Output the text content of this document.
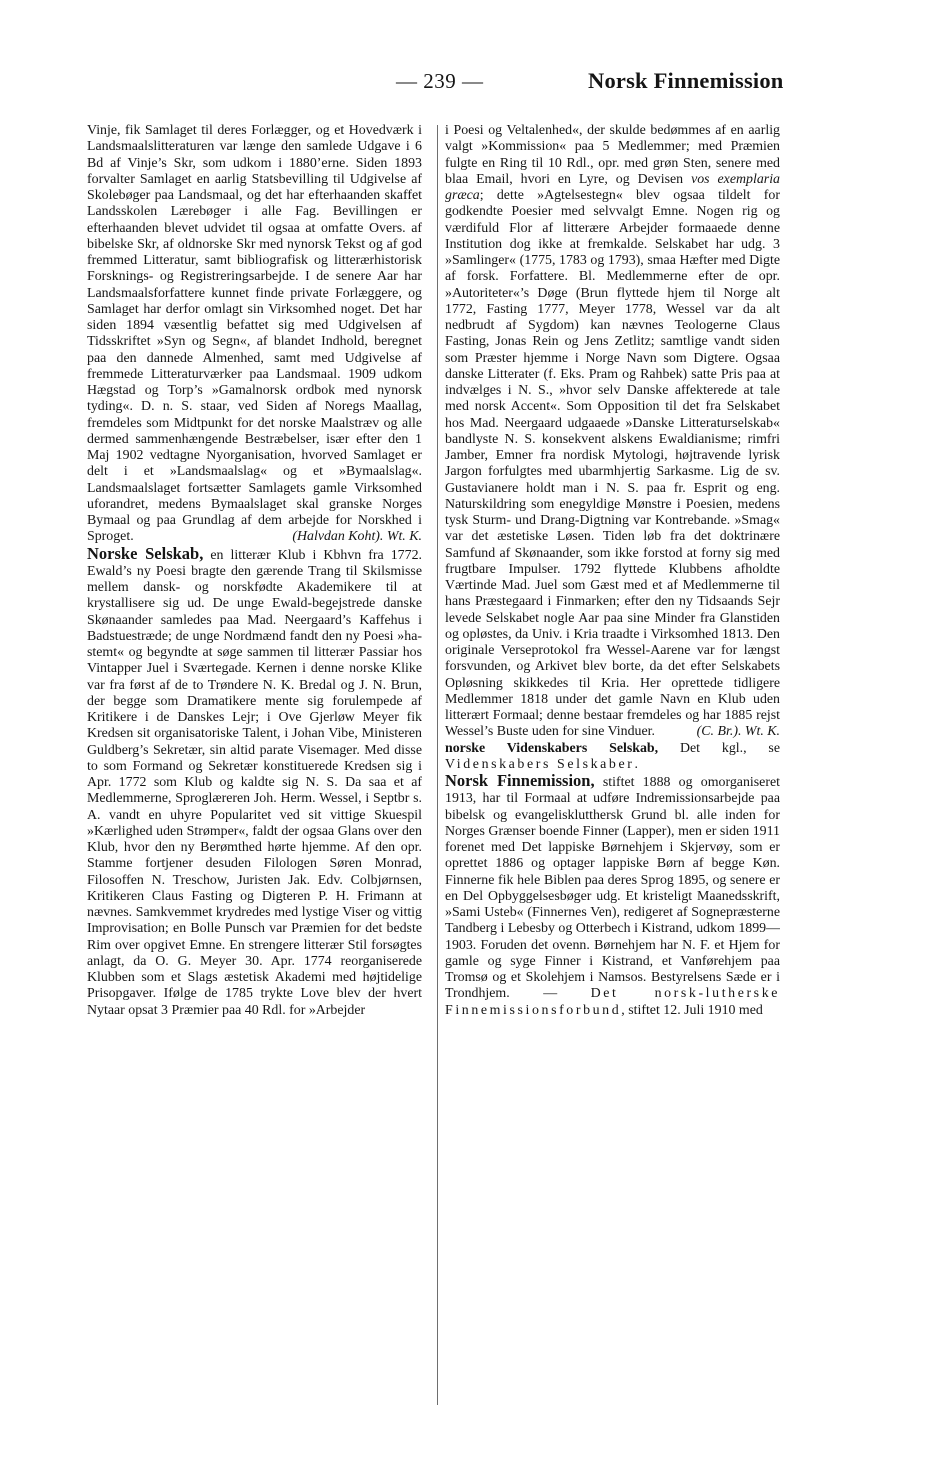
— 239 —	Norsk Finnemission

Vinje, fik Samlaget til deres Forlægger, og et Hovedværk i Landsmaalslitteraturen var længe den samlede Udgave i 6 Bd af Vinje’s Skr, som udkom i 1880’erne. Siden 1893 forvalter Samlaget en aarlig Statsbevilling til Udgivelse af Skolebøger paa Landsmaal, og det har efterhaanden skaffet Landsskolen Lærebøger i alle Fag. Bevillingen er efterhaanden blevet udvidet til ogsaa at omfatte Overs. af bibelske Skr, af oldnorske Skr med nynorsk Tekst og af god fremmed Litteratur, samt bibliografisk og litterærhistorisk Forsknings- og Registreringsarbejde. I de senere Aar har Landsmaalsforfattere kunnet finde private Forlæggere, og Samlaget har derfor omlagt sin Virksomhed noget. Det har siden 1894 væsentlig befattet sig med Udgivelsen af Tidsskriftet »Syn og Segn«, af blandet Indhold, beregnet paa den dannede Almenhed, samt med Udgivelse af fremmede Litteraturværker paa Landsmaal. 1909 udkom Hægstad og Torp’s »Gamalnorsk ordbok med nynorsk tyding«. D. n. S. staar, ved Siden af Noregs Maallag, fremdeles som Midtpunkt for det norske Maalstræv og alle dermed sammenhængende Bestræbelser, især efter den 1 Maj 1902 vedtagne Nyorganisation, hvorved Samlaget er delt i et »Landsmaalslag« og et »Bymaalslag«. Landsmaalslaget fortsætter Samlagets gamle Virksomhed uforandret, medens Bymaalslaget skal granske Norges Bymaal og paa Grundlag af dem arbejde for Norskhed i Sproget.	(Halvdan Koht). Wt. K.

Norske Selskab, en litterær Klub i Kbhvn fra 1772. Ewald’s ny Poesi bragte den gærende Trang til Skilsmisse mellem dansk- og norskfødte Akademikere til at krystallisere sig ud. De unge Ewald-begejstrede danske Skønaander samledes paa Mad. Neergaard’s Kaffehus i Badstuestræde; de unge Nordmænd fandt den ny Poesi »ha-stemt« og begyndte at søge sammen til litterær Passiar hos Vintapper Juel i Sværtegade. Kernen i denne norske Klike var fra først af de to Trøndere N. K. Bredal og J. N. Brun, der begge som Dramatikere mente sig forulempede af Kritikere i de Danskes Lejr; i Ove Gjerløw Meyer fik Kredsen sit organisatoriske Talent, i Johan Vibe, Ministeren Guldberg’s Sekretær, sin altid parate Visemager. Med disse to som Formand og Sekretær konstituerede Kredsen sig i Apr. 1772 som Klub og kaldte sig N. S. Da saa et af Medlemmerne, Sproglæreren Joh. Herm. Wessel, i Septbr s. A. vandt en uhyre Popularitet ved sit vittige Skuespil »Kærlighed uden Strømper«, faldt der ogsaa Glans over den Klub, hvor den ny Berømthed hørte hjemme. Af den opr. Stamme fortjener desuden Filologen Søren Monrad, Filosoffen N. Treschow, Juristen Jak. Edv. Colbjørnsen, Kritikeren Claus Fasting og Digteren P. H. Frimann at nævnes. Samkvemmet krydredes med lystige Viser og vittig Improvisation; en Bolle Punsch var Præmien for det bedste Rim over opgivet Emne. En strengere litterær Stil forsøgtes anlagt, da O. G. Meyer 30. Apr. 1774 reorganiserede Klubben som et Slags æstetisk Akademi med højtidelige Prisopgaver. Ifølge de 1785 trykte Love blev der hvert Nytaar opsat 3 Præmier paa 40 Rdl. for »Arbejder

i Poesi og Veltalenhed«, der skulde bedømmes af en aarlig valgt »Kommission« paa 5 Medlemmer; med Præmien fulgte en Ring til 10 Rdl., opr. med grøn Sten, senere med blaa Email, hvori en Lyre, og Devisen vos exemplaria græca; dette »Agtelsestegn« blev ogsaa tildelt for godkendte Poesier med selvvalgt Emne. Nogen rig og værdifuld Flor af litterære Arbejder formaaede denne Institution dog ikke at fremkalde. Selskabet har udg. 3 »Samlinger« (1775, 1783 og 1793), smaa Hæfter med Digte af forsk. Forfattere. Bl. Medlemmerne efter de opr. »Autoriteter«’s Døge (Brun flyttede hjem til Norge alt 1772, Fasting 1777, Meyer 1778, Wessel var da alt nedbrudt af Sygdom) kan nævnes Teologerne Claus Fasting, Jonas Rein og Jens Zetlitz; samtlige vandt siden som Præster hjemme i Norge Navn som Digtere. Ogsaa danske Litterater (f. Eks. Pram og Rahbek) satte Pris paa at indvælges i N. S., »hvor selv Danske affekterede at tale med norsk Accent«. Som Opposition til det fra Selskabet hos Mad. Neergaard udgaaede »Danske Litteraturselskab« bandlyste N. S. konsekvent alskens Ewaldianisme; rimfri Jamber, Emner fra nordisk Mytologi, højtravende lyrisk Jargon forfulgtes med ubarmhjertig Sarkasme. Lig de sv. Gustavianere holdt man i N. S. paa fr. Esprit og eng. Naturskildring som enegyldige Mønstre i Poesien, medens tysk Sturm- und Drang-Digtning var Kontrebande. »Smag« var det æstetiske Løsen. Tiden løb fra det doktrinære Samfund af Skønaander, som ikke forstod at forny sig med frugtbare Impulser. 1792 flyttede Klubbens afholdte Værtinde Mad. Juel som Gæst med et af Medlemmerne til hans Præstegaard i Finmarken; efter den ny Tidsaands Sejr levede Selskabet nogle Aar paa sine Minder fra Glanstiden og opløstes, da Univ. i Kria traadte i Virksomhed 1813. Den originale Verseprotokol fra Wessel-Aarene var for længst forsvunden, og Arkivet blev borte, da det efter Selskabets Opløsning skikkedes til Kria. Her oprettede tidligere Medlemmer 1818 under det gamle Navn en Klub uden litterært Formaal; denne bestaar fremdeles og har 1885 rejst Wessel’s Buste uden for sine Vinduer.	(C. Br.). Wt. K.

norske Videnskabers Selskab, Det kgl., se Videnskabers Selskaber.

Norsk Finnemission, stiftet 1888 og omorganiseret 1913, har til Formaal at udføre Indremissionsarbejde paa bibelsk og evangelisklutthersk Grund bl. alle inden for Norges Grænser boende Finner (Lapper), men er siden 1911 forenet med Det lappiske Børnehjem i Skjervøy, som er oprettet 1886 og optager lappiske Børn af begge Køn. Finnerne fik hele Biblen paa deres Sprog 1895, og senere er en Del Opbyggelsesbøger udg. Et kristeligt Maanedsskrift, »Sami Usteb« (Finnernes Ven), redigeret af Sognepræsterne Tandberg i Lebesby og Otterbech i Kistrand, udkom 1899—1903. Foruden det ovenn. Børnehjem har N. F. et Hjem for gamle og syge Finner i Kistrand, et Vanførehjem paa Tromsø og et Skolehjem i Namsos. Bestyrelsens Sæde er i Trondhjem. — Det norsk-lutherske Finnemissionsforbund, stiftet 12. Juli 1910 med
